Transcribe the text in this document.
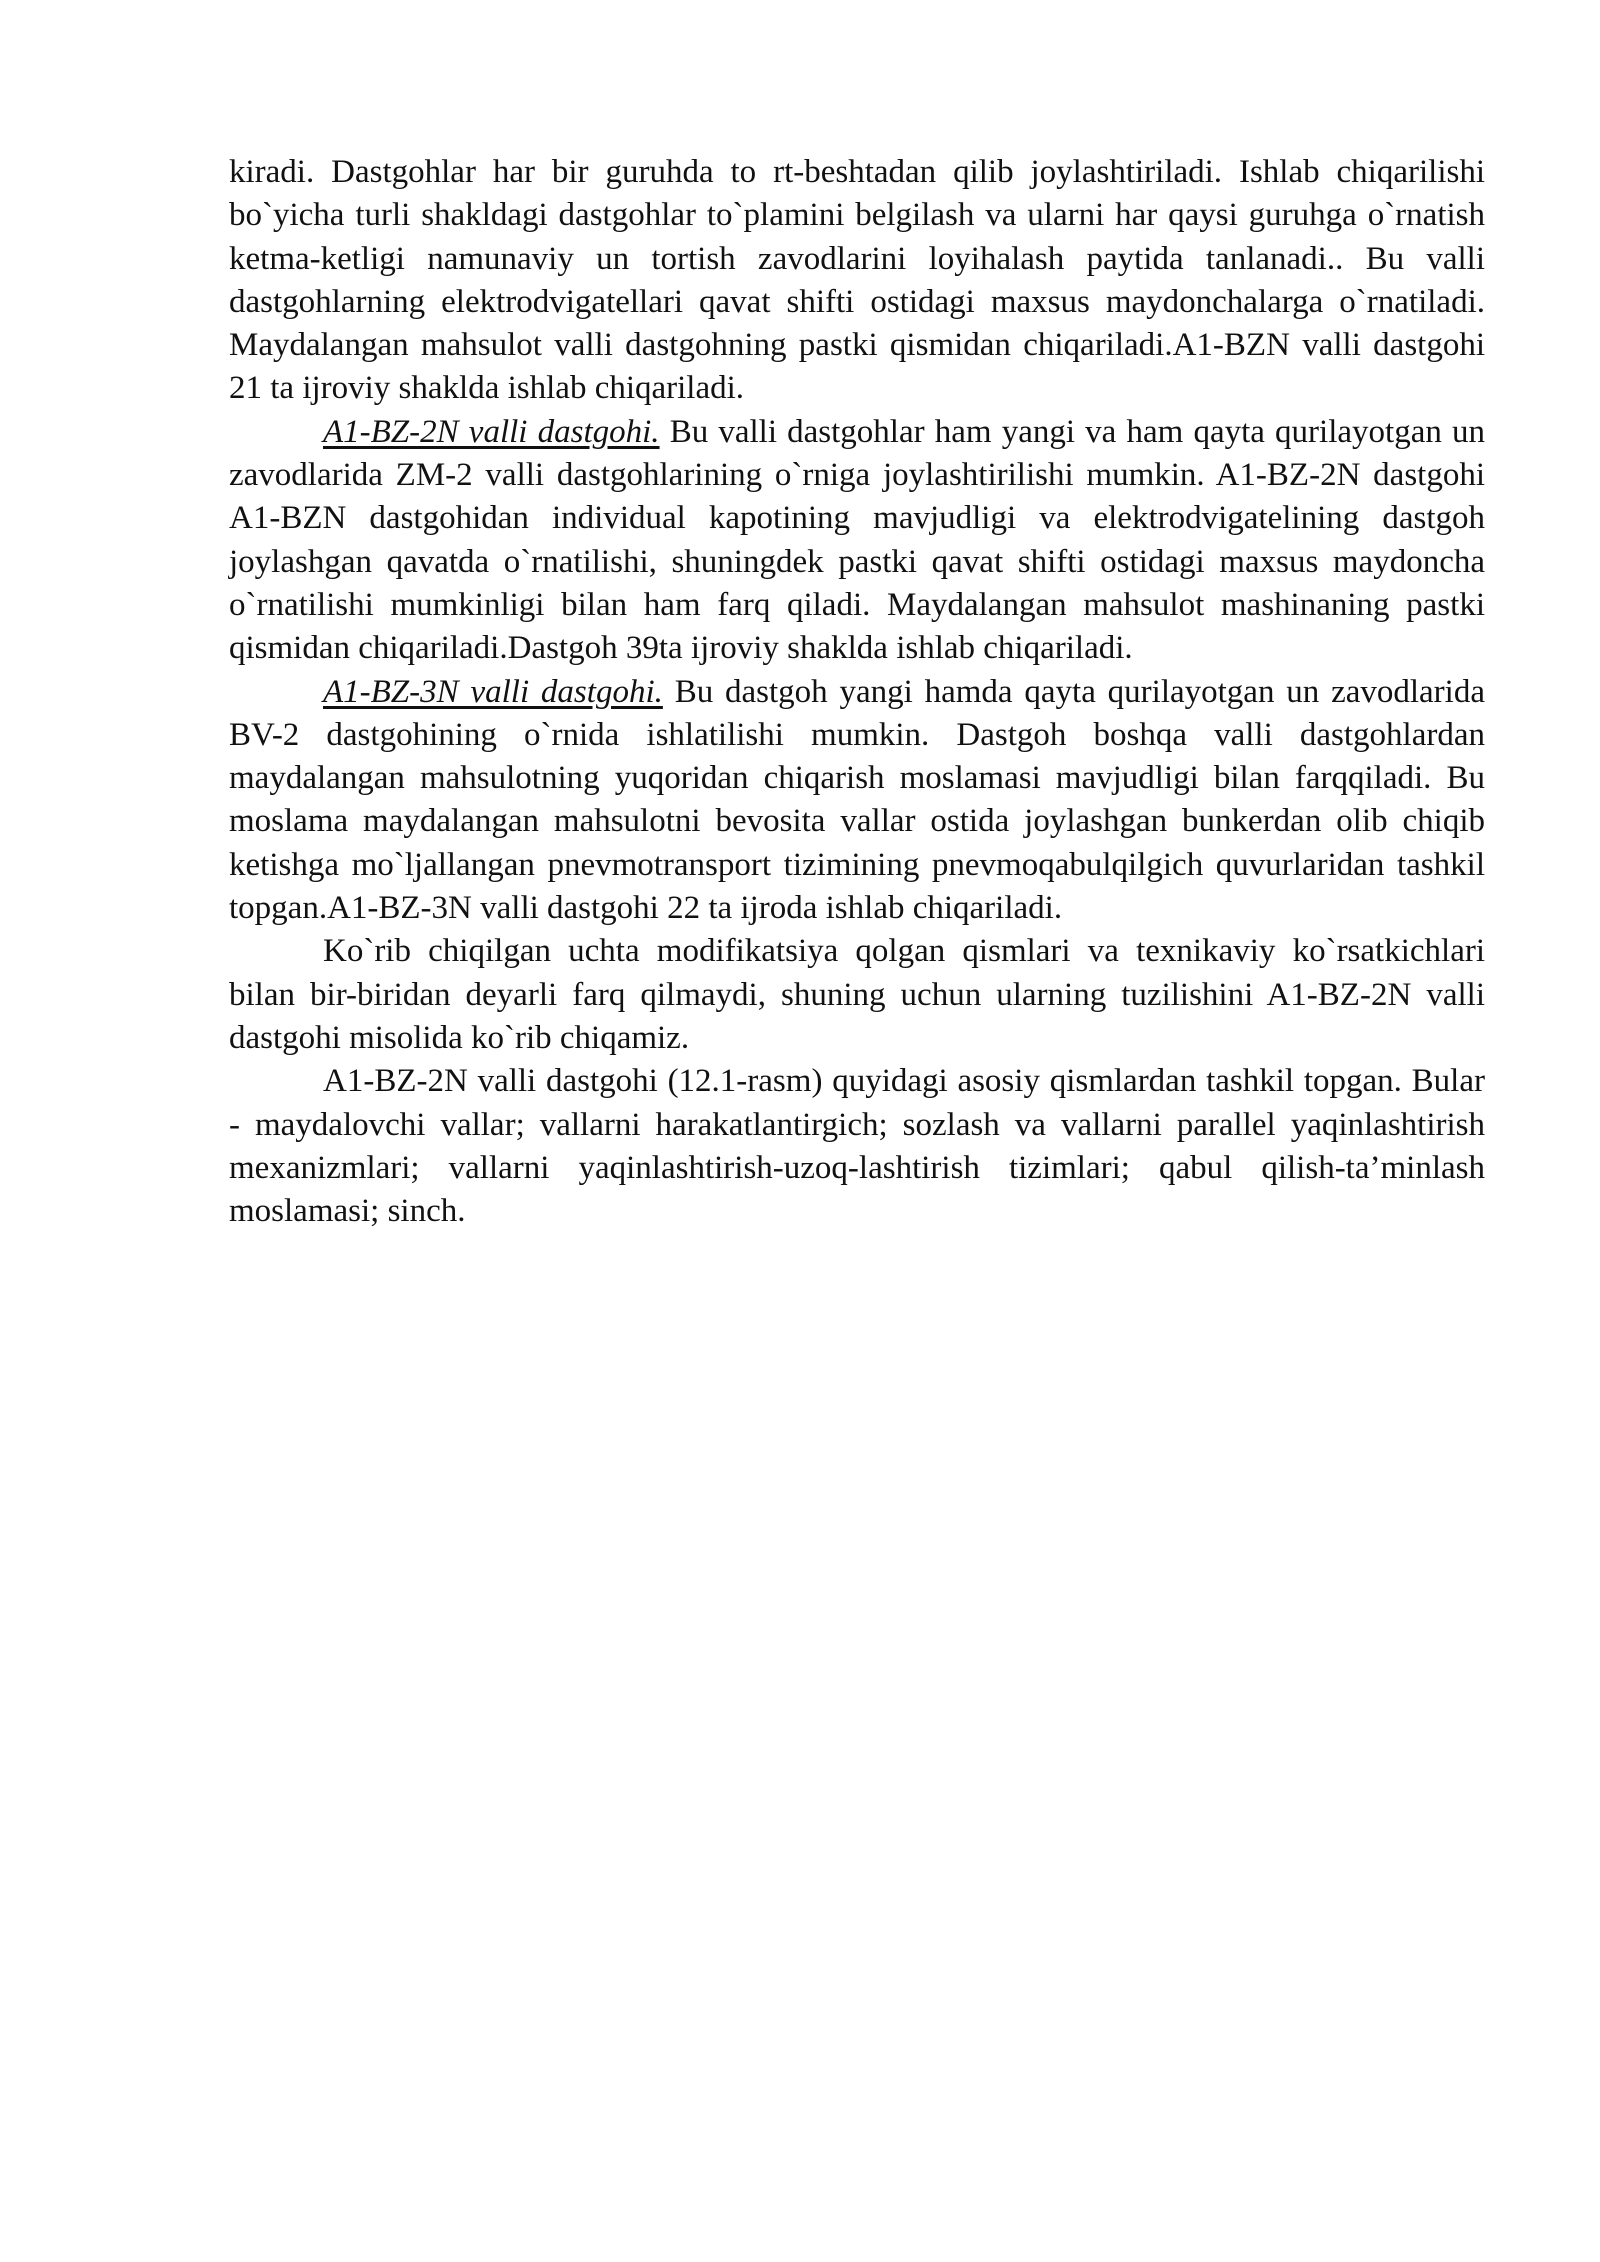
kiradi. Dastgohlar har bir guruhda to rt-beshtadan qilib joylashtiriladi. Ishlab chiqarilishi bo`yicha turli shakldagi dastgohlar to`plamini belgilash va ularni har qaysi guruhga o`rnatish ketma-ketligi namunaviy un tortish zavodlarini loyihalash paytida tanlanadi.. Bu valli dastgohlarning elektrodvigatellari qavat shifti ostidagi maxsus maydonchalarga o`rnatiladi. Maydalangan mahsulot valli dastgohning pastki qismidan chiqariladi.A1-BZN valli dastgohi 21 ta ijroviy shaklda ishlab chiqariladi.

A1-BZ-2N valli dastgohi. Bu valli dastgohlar ham yangi va ham qayta qurilayotgan un zavodlarida ZM-2 valli dastgohlarining o`rniga joylashtirilishi mumkin. A1-BZ-2N dastgohi A1-BZN dastgohidan individual kapotining mavjudligi va elektrodvigatelining dastgoh joylashgan qavatda o`rnatilishi, shuningdek pastki qavat shifti ostidagi maxsus maydoncha o`rnatilishi mumkinligi bilan ham farq qiladi. Maydalangan mahsulot mashinaning pastki qismidan chiqariladi.Dastgoh 39ta ijroviy shaklda ishlab chiqariladi.

A1-BZ-3N valli dastgohi. Bu dastgoh yangi hamda qayta qurilayotgan un zavodlarida BV-2 dastgohining o`rnida ishlatilishi mumkin. Dastgoh boshqa valli dastgohlardan maydalangan mahsulotning yuqoridan chiqarish moslamasi mavjudligi bilan farqqiladi. Bu moslama maydalangan mahsulotni bevosita vallar ostida joylashgan bunkerdan olib chiqib ketishga mo`ljallangan pnevmotransport tizimining pnevmoqabulqilgich quvurlaridan tashkil topgan.A1-BZ-3N valli dastgohi 22 ta ijroda ishlab chiqariladi.

Ko`rib chiqilgan uchta modifikatsiya qolgan qismlari va texnikaviy ko`rsatkichlari bilan bir-biridan deyarli farq qilmaydi, shuning uchun ularning tuzilishini A1-BZ-2N valli dastgohi misolida ko`rib chiqamiz.

A1-BZ-2N valli dastgohi (12.1-rasm) quyidagi asosiy qismlardan tashkil topgan. Bular - maydalovchi vallar; vallarni harakatlantirgich; sozlash va vallarni parallel yaqinlashtirish mexanizmlari; vallarni yaqinlashtirish-uzoq-lashtirish tizimlari; qabul qilish-ta’minlash moslamasi; sinch.
